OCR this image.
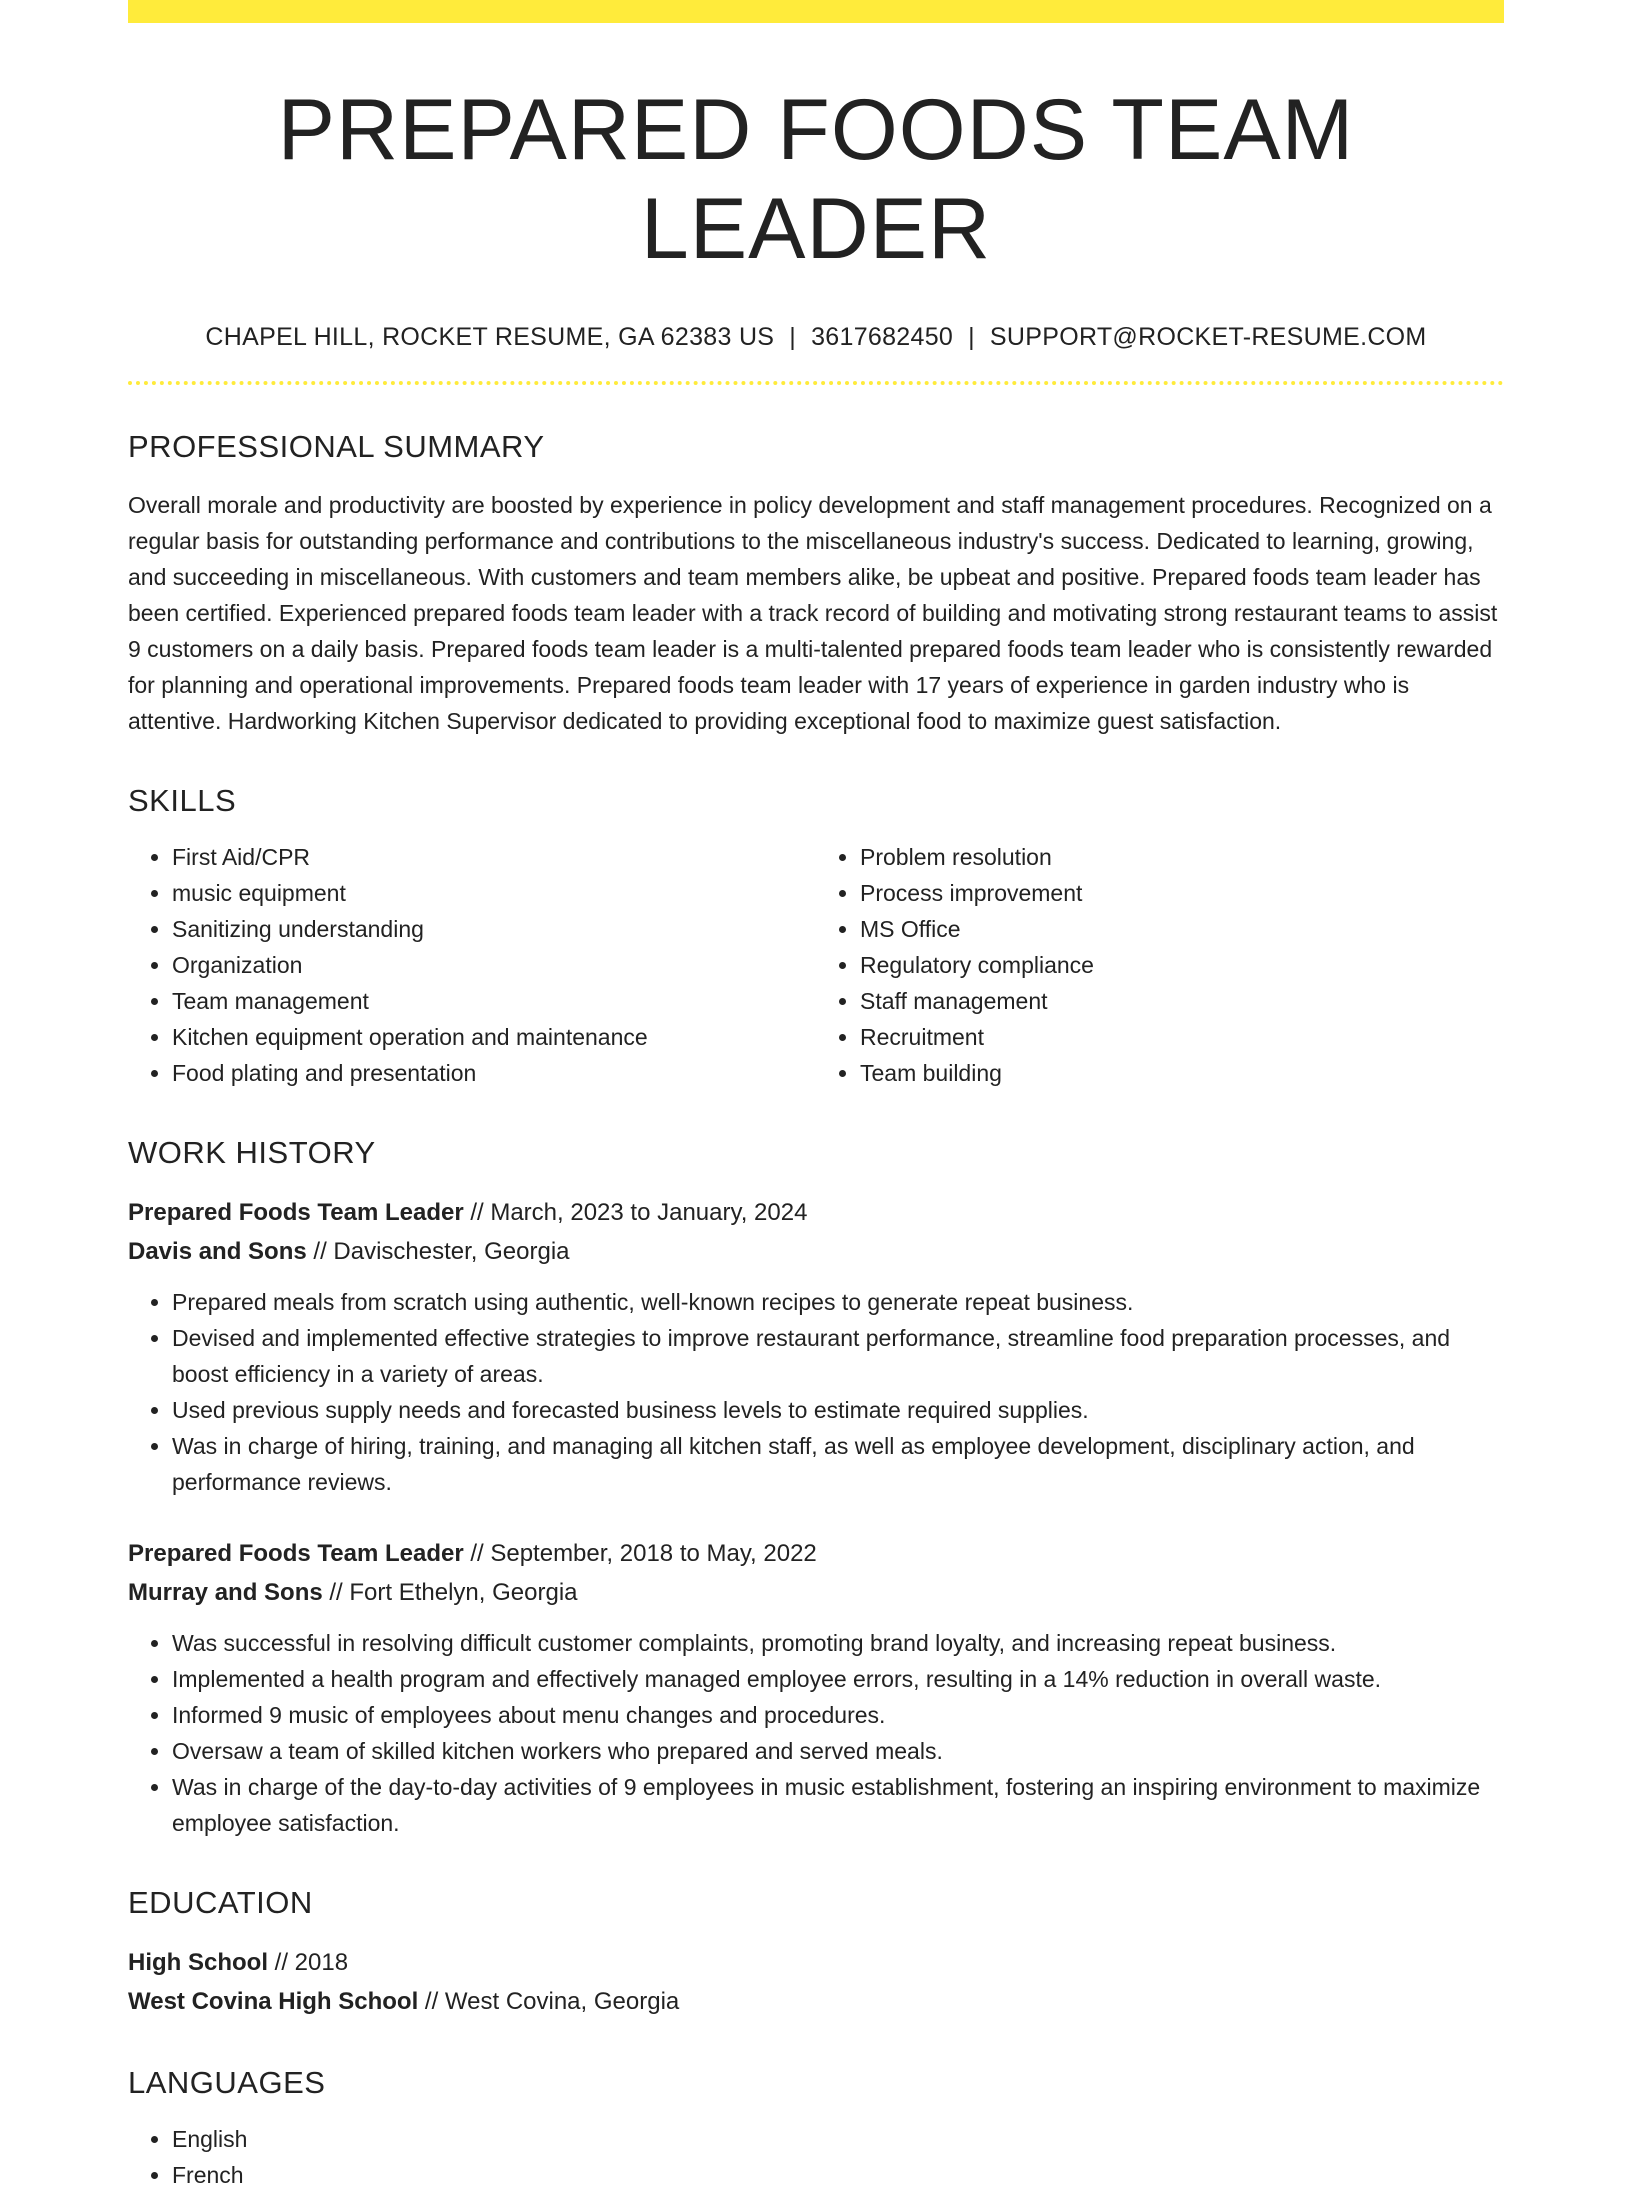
PREPARED FOODS TEAM LEADER
CHAPEL HILL, ROCKET RESUME, GA 62383 US | 3617682450 | SUPPORT@ROCKET-RESUME.COM
PROFESSIONAL SUMMARY
Overall morale and productivity are boosted by experience in policy development and staff management procedures. Recognized on a regular basis for outstanding performance and contributions to the miscellaneous industry's success. Dedicated to learning, growing, and succeeding in miscellaneous. With customers and team members alike, be upbeat and positive. Prepared foods team leader has been certified. Experienced prepared foods team leader with a track record of building and motivating strong restaurant teams to assist 9 customers on a daily basis. Prepared foods team leader is a multi-talented prepared foods team leader who is consistently rewarded for planning and operational improvements. Prepared foods team leader with 17 years of experience in garden industry who is attentive. Hardworking Kitchen Supervisor dedicated to providing exceptional food to maximize guest satisfaction.
SKILLS
• First Aid/CPR
• music equipment
• Sanitizing understanding
• Organization
• Team management
• Kitchen equipment operation and maintenance
• Food plating and presentation
• Problem resolution
• Process improvement
• MS Office
• Regulatory compliance
• Staff management
• Recruitment
• Team building
WORK HISTORY
Prepared Foods Team Leader // March, 2023 to January, 2024
Davis and Sons // Davischester, Georgia
• Prepared meals from scratch using authentic, well-known recipes to generate repeat business.
• Devised and implemented effective strategies to improve restaurant performance, streamline food preparation processes, and boost efficiency in a variety of areas.
• Used previous supply needs and forecasted business levels to estimate required supplies.
• Was in charge of hiring, training, and managing all kitchen staff, as well as employee development, disciplinary action, and performance reviews.
Prepared Foods Team Leader // September, 2018 to May, 2022
Murray and Sons // Fort Ethelyn, Georgia
• Was successful in resolving difficult customer complaints, promoting brand loyalty, and increasing repeat business.
• Implemented a health program and effectively managed employee errors, resulting in a 14% reduction in overall waste.
• Informed 9 music of employees about menu changes and procedures.
• Oversaw a team of skilled kitchen workers who prepared and served meals.
• Was in charge of the day-to-day activities of 9 employees in music establishment, fostering an inspiring environment to maximize employee satisfaction.
EDUCATION
High School // 2018
West Covina High School // West Covina, Georgia
LANGUAGES
• English
• French
